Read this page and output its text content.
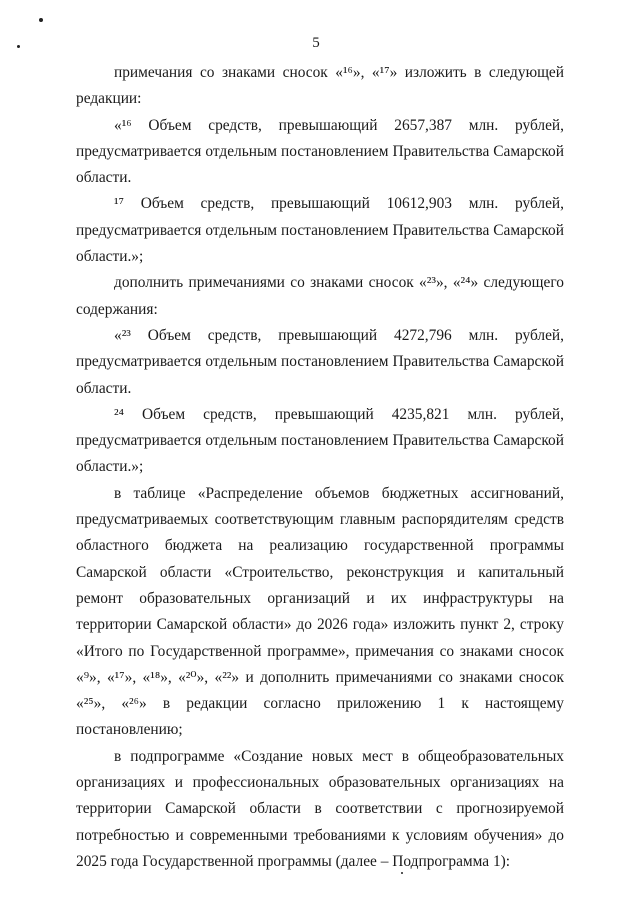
5

примечания со знаками сносок «¹⁶», «¹⁷» изложить в следующей редакции:

«¹⁶ Объем средств, превышающий 2657,387 млн. рублей, предусматривается отдельным постановлением Правительства Самарской области.

¹⁷ Объем средств, превышающий 10612,903 млн. рублей, предусматривается отдельным постановлением Правительства Самарской области.»;

дополнить примечаниями со знаками сносок «²³», «²⁴» следующего содержания:

«²³ Объем средств, превышающий 4272,796 млн. рублей, предусматривается отдельным постановлением Правительства Самарской области.

²⁴ Объем средств, превышающий 4235,821 млн. рублей, предусматривается отдельным постановлением Правительства Самарской области.»;

в таблице «Распределение объемов бюджетных ассигнований, предусматриваемых соответствующим главным распорядителям средств областного бюджета на реализацию государственной программы Самарской области «Строительство, реконструкция и капитальный ремонт образовательных организаций и их инфраструктуры на территории Самарской области» до 2026 года» изложить пункт 2, строку «Итого по Государственной программе», примечания со знаками сносок «⁹», «¹⁷», «¹⁸», «²⁰», «²²» и дополнить примечаниями со знаками сносок «²⁵», «²⁶» в редакции согласно приложению 1 к настоящему постановлению;

в подпрограмме «Создание новых мест в общеобразовательных организациях и профессиональных образовательных организациях на территории Самарской области в соответствии с прогнозируемой потребностью и современными требованиями к условиям обучения» до 2025 года Государственной программы (далее – Подпрограмма 1):
